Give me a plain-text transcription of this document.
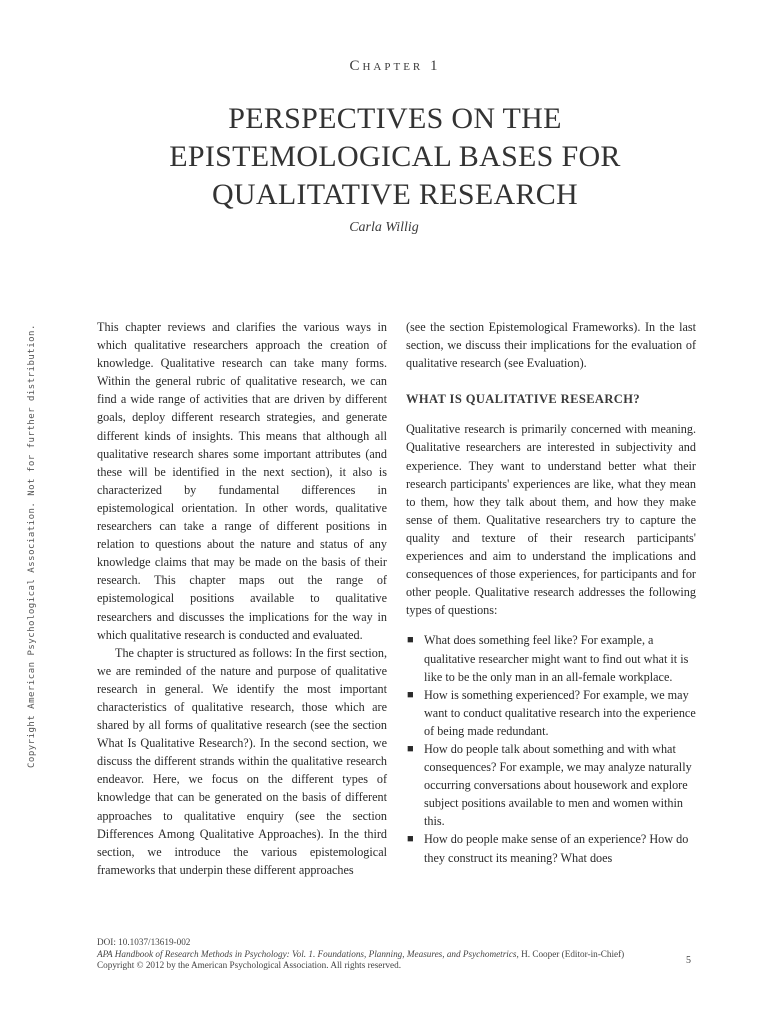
Chapter 1
PERSPECTIVES ON THE
EPISTEMOLOGICAL BASES FOR
QUALITATIVE RESEARCH
Carla Willig
Copyright American Psychological Association. Not for further distribution.	This chapter reviews and clarifies the various ways in which qualitative researchers approach the creation of knowledge. Qualitative research can take many forms. Within the general rubric of qualitative research, we can find a wide range of activities that are driven by different goals, deploy different research strategies, and generate different kinds of insights. This means that although all qualitative research shares some important attributes (and these will be identified in the next section), it also is characterized by fundamental differences in epistemological orientation. In other words, qualitative researchers can take a range of different positions in relation to questions about the nature and status of any knowledge claims that may be made on the basis of their research. This chapter maps out the range of epistemological positions available to qualitative researchers and discusses the implications for the way in which qualitative research is conducted and evaluated.

The chapter is structured as follows: In the first section, we are reminded of the nature and purpose of qualitative research in general. We identify the most important characteristics of qualitative research, those which are shared by all forms of qualitative research (see the section What Is Qualitative Research?). In the second section, we discuss the different strands within the qualitative research endeavor. Here, we focus on the different types of knowledge that can be generated on the basis of different approaches to qualitative enquiry (see the section Differences Among Qualitative Approaches). In the third section, we introduce the various epistemological frameworks that underpin these different approaches

(see the section Epistemological Frameworks). In the last section, we discuss their implications for the evaluation of qualitative research (see Evaluation).

WHAT IS QUALITATIVE RESEARCH?

Qualitative research is primarily concerned with meaning. Qualitative researchers are interested in subjectivity and experience. They want to understand better what their research participants' experiences are like, what they mean to them, how they talk about them, and how they make sense of them. Qualitative researchers try to capture the quality and texture of their research participants' experiences and aim to understand the implications and consequences of those experiences, for participants and for other people. Qualitative research addresses the following types of questions:

■ What does something feel like? For example, a qualitative researcher might want to find out what it is like to be the only man in an all-female workplace.
■ How is something experienced? For example, we may want to conduct qualitative research into the experience of being made redundant.
■ How do people talk about something and with what consequences? For example, we may analyze naturally occurring conversations about housework and explore subject positions available to men and women within this.
■ How do people make sense of an experience? How do they construct its meaning? What does
DOI: 10.1037/13619-002
APA Handbook of Research Methods in Psychology: Vol. 1. Foundations, Planning, Measures, and Psychometrics, H. Cooper (Editor-in-Chief)
Copyright © 2012 by the American Psychological Association. All rights reserved.	5
